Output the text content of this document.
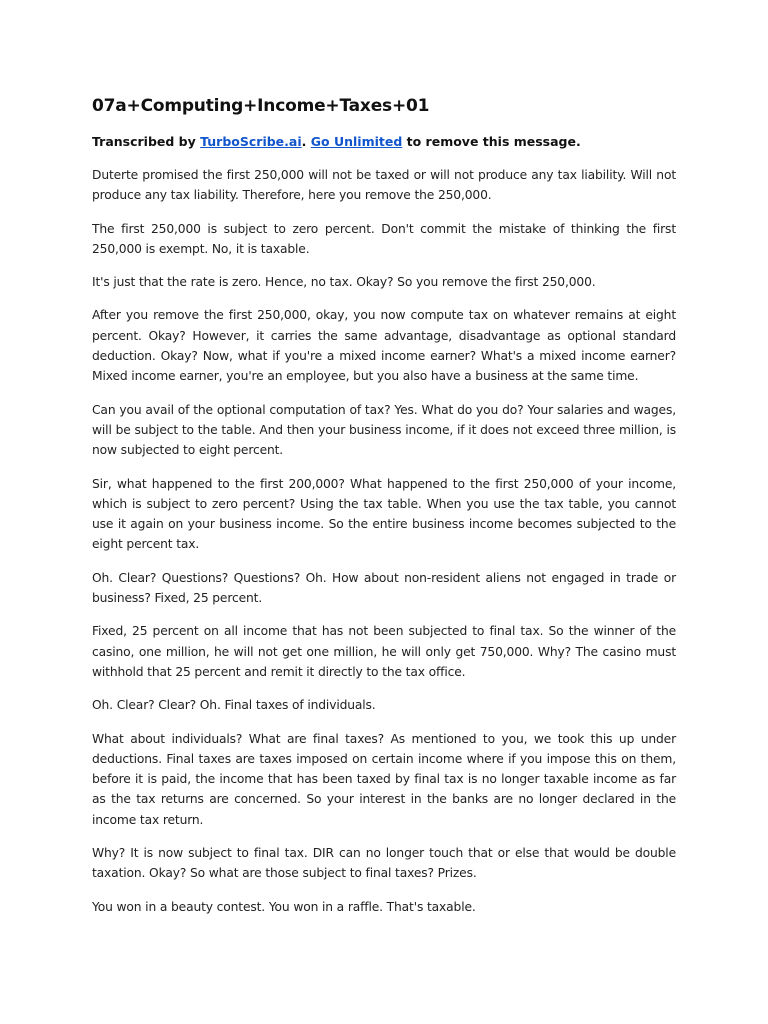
07a+Computing+Income+Taxes+01

Transcribed by TurboScribe.ai. Go Unlimited to remove this message.

Duterte promised the first 250,000 will not be taxed or will not produce any tax liability. Will not produce any tax liability. Therefore, here you remove the 250,000.

The first 250,000 is subject to zero percent. Don't commit the mistake of thinking the first 250,000 is exempt. No, it is taxable.

It's just that the rate is zero. Hence, no tax. Okay? So you remove the first 250,000.

After you remove the first 250,000, okay, you now compute tax on whatever remains at eight percent. Okay? However, it carries the same advantage, disadvantage as optional standard deduction. Okay? Now, what if you're a mixed income earner? What's a mixed income earner? Mixed income earner, you're an employee, but you also have a business at the same time.

Can you avail of the optional computation of tax? Yes. What do you do? Your salaries and wages, will be subject to the table. And then your business income, if it does not exceed three million, is now subjected to eight percent.

Sir, what happened to the first 200,000? What happened to the first 250,000 of your income, which is subject to zero percent? Using the tax table. When you use the tax table, you cannot use it again on your business income. So the entire business income becomes subjected to the eight percent tax.

Oh. Clear? Questions? Questions? Oh. How about non-resident aliens not engaged in trade or business? Fixed, 25 percent.

Fixed, 25 percent on all income that has not been subjected to final tax. So the winner of the casino, one million, he will not get one million, he will only get 750,000. Why? The casino must withhold that 25 percent and remit it directly to the tax office.

Oh. Clear? Clear? Oh. Final taxes of individuals.

What about individuals? What are final taxes? As mentioned to you, we took this up under deductions. Final taxes are taxes imposed on certain income where if you impose this on them, before it is paid, the income that has been taxed by final tax is no longer taxable income as far as the tax returns are concerned. So your interest in the banks are no longer declared in the income tax return.

Why? It is now subject to final tax. DIR can no longer touch that or else that would be double taxation. Okay? So what are those subject to final taxes? Prizes.

You won in a beauty contest. You won in a raffle. That's taxable.
